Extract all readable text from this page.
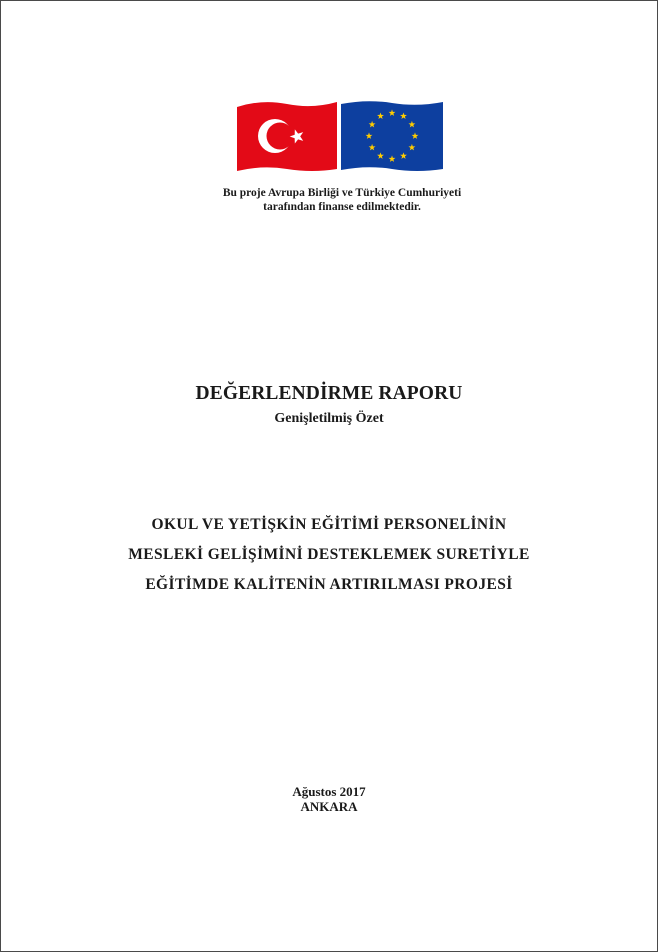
Bu proje Avrupa Birliği ve Türkiye Cumhuriyeti
tarafından finanse edilmektedir.
DEĞERLENDİRME RAPORU
Genişletilmiş Özet
OKUL VE YETİŞKİN EĞİTİMİ PERSONELİNİN
MESLEKİ GELİŞİMİNİ DESTEKLEMEK SURETİYLE
EĞİTİMDE KALİTENİN ARTIRILMASI PROJESİ
Ağustos 2017
ANKARA
